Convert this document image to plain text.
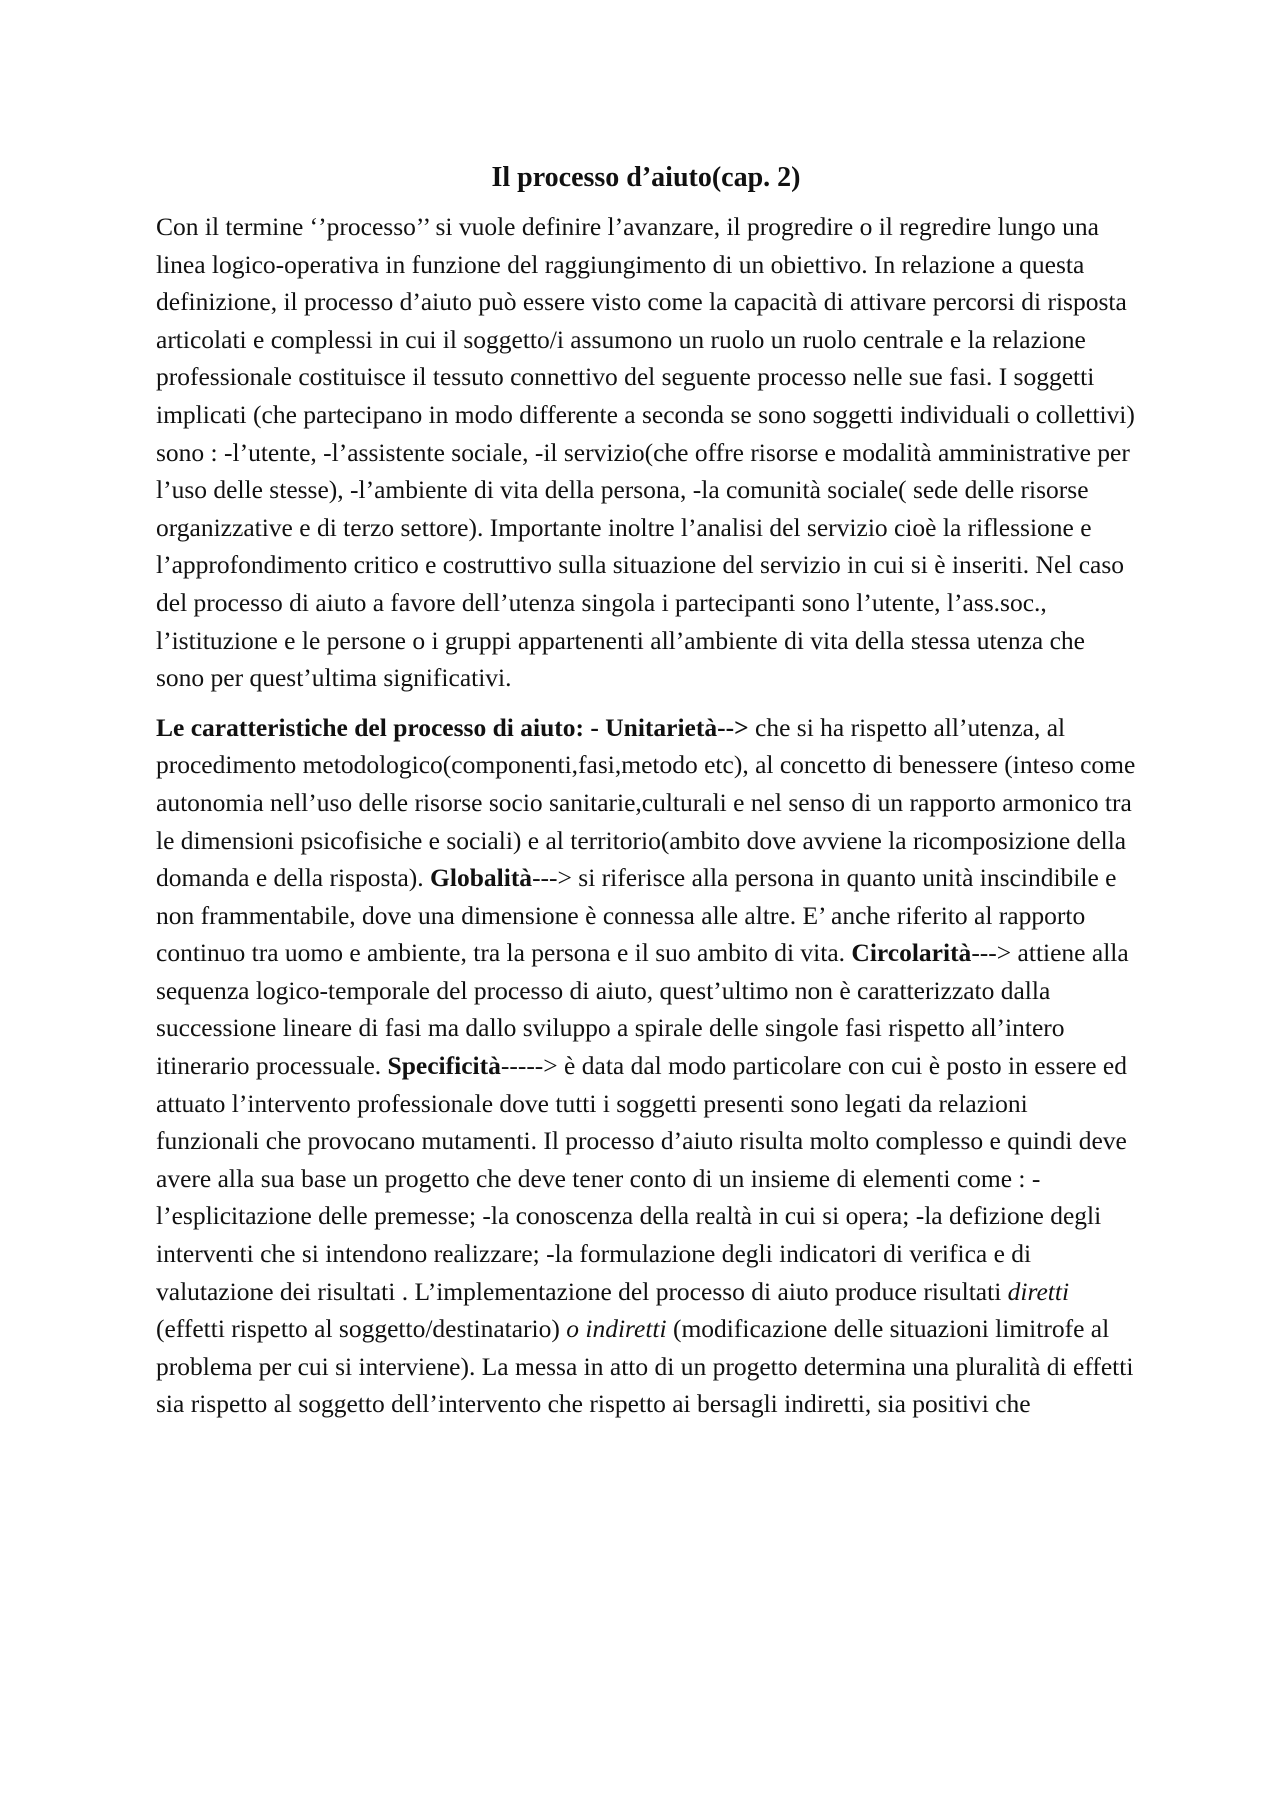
Il processo d’aiuto(cap. 2)

Con il termine ‘’processo’’ si vuole definire l’avanzare, il progredire o il regredire lungo una linea logico-operativa in funzione del raggiungimento di un obiettivo. In relazione a questa definizione, il processo d’aiuto può essere visto come la capacità di attivare percorsi di risposta articolati e complessi in cui il soggetto/i assumono un ruolo un ruolo centrale e la relazione professionale costituisce il tessuto connettivo del seguente processo nelle sue fasi. I soggetti implicati (che partecipano in modo differente a seconda se sono soggetti individuali o collettivi) sono : -l’utente, -l’assistente sociale, -il servizio(che offre risorse e modalità amministrative per l’uso delle stesse), -l’ambiente di vita della persona, -la comunità sociale( sede delle risorse organizzative e di terzo settore). Importante inoltre l’analisi del servizio cioè la riflessione e l’approfondimento critico e costruttivo sulla situazione del servizio in cui si è inseriti. Nel caso del processo di aiuto a favore dell’utenza singola i partecipanti sono l’utente, l’ass.soc., l’istituzione e le persone o i gruppi appartenenti all’ambiente di vita della stessa utenza che sono per quest’ultima significativi.

Le caratteristiche del processo di aiuto: - Unitarietà--> che si ha rispetto all’utenza, al procedimento metodologico(componenti,fasi,metodo etc), al concetto di benessere (inteso come autonomia nell’uso delle risorse socio sanitarie,culturali e nel senso di un rapporto armonico tra le dimensioni psicofisiche e sociali) e al territorio(ambito dove avviene la ricomposizione della domanda e della risposta). Globalità---> si riferisce alla persona in quanto unità inscindibile e non frammentabile, dove una dimensione è connessa alle altre. E’ anche riferito al rapporto continuo tra uomo e ambiente, tra la persona e il suo ambito di vita. Circolarità---> attiene alla sequenza logico-temporale del processo di aiuto, quest’ultimo non è caratterizzato dalla successione lineare di fasi ma dallo sviluppo a spirale delle singole fasi rispetto all’intero itinerario processuale. Specificità-----> è data dal modo particolare con cui è posto in essere ed attuato l’intervento professionale dove tutti i soggetti presenti sono legati da relazioni funzionali che provocano mutamenti. Il processo d’aiuto risulta molto complesso e quindi deve avere alla sua base un progetto che deve tener conto di un insieme di elementi come : - l’esplicitazione delle premesse; -la conoscenza della realtà in cui si opera; -la defizione degli interventi che si intendono realizzare; -la formulazione degli indicatori di verifica e di valutazione dei risultati . L’implementazione del processo di aiuto produce risultati diretti (effetti rispetto al soggetto/destinatario) o indiretti (modificazione delle situazioni limitrofe al problema per cui si interviene). La messa in atto di un progetto determina una pluralità di effetti sia rispetto al soggetto dell’intervento che rispetto ai bersagli indiretti, sia positivi che
